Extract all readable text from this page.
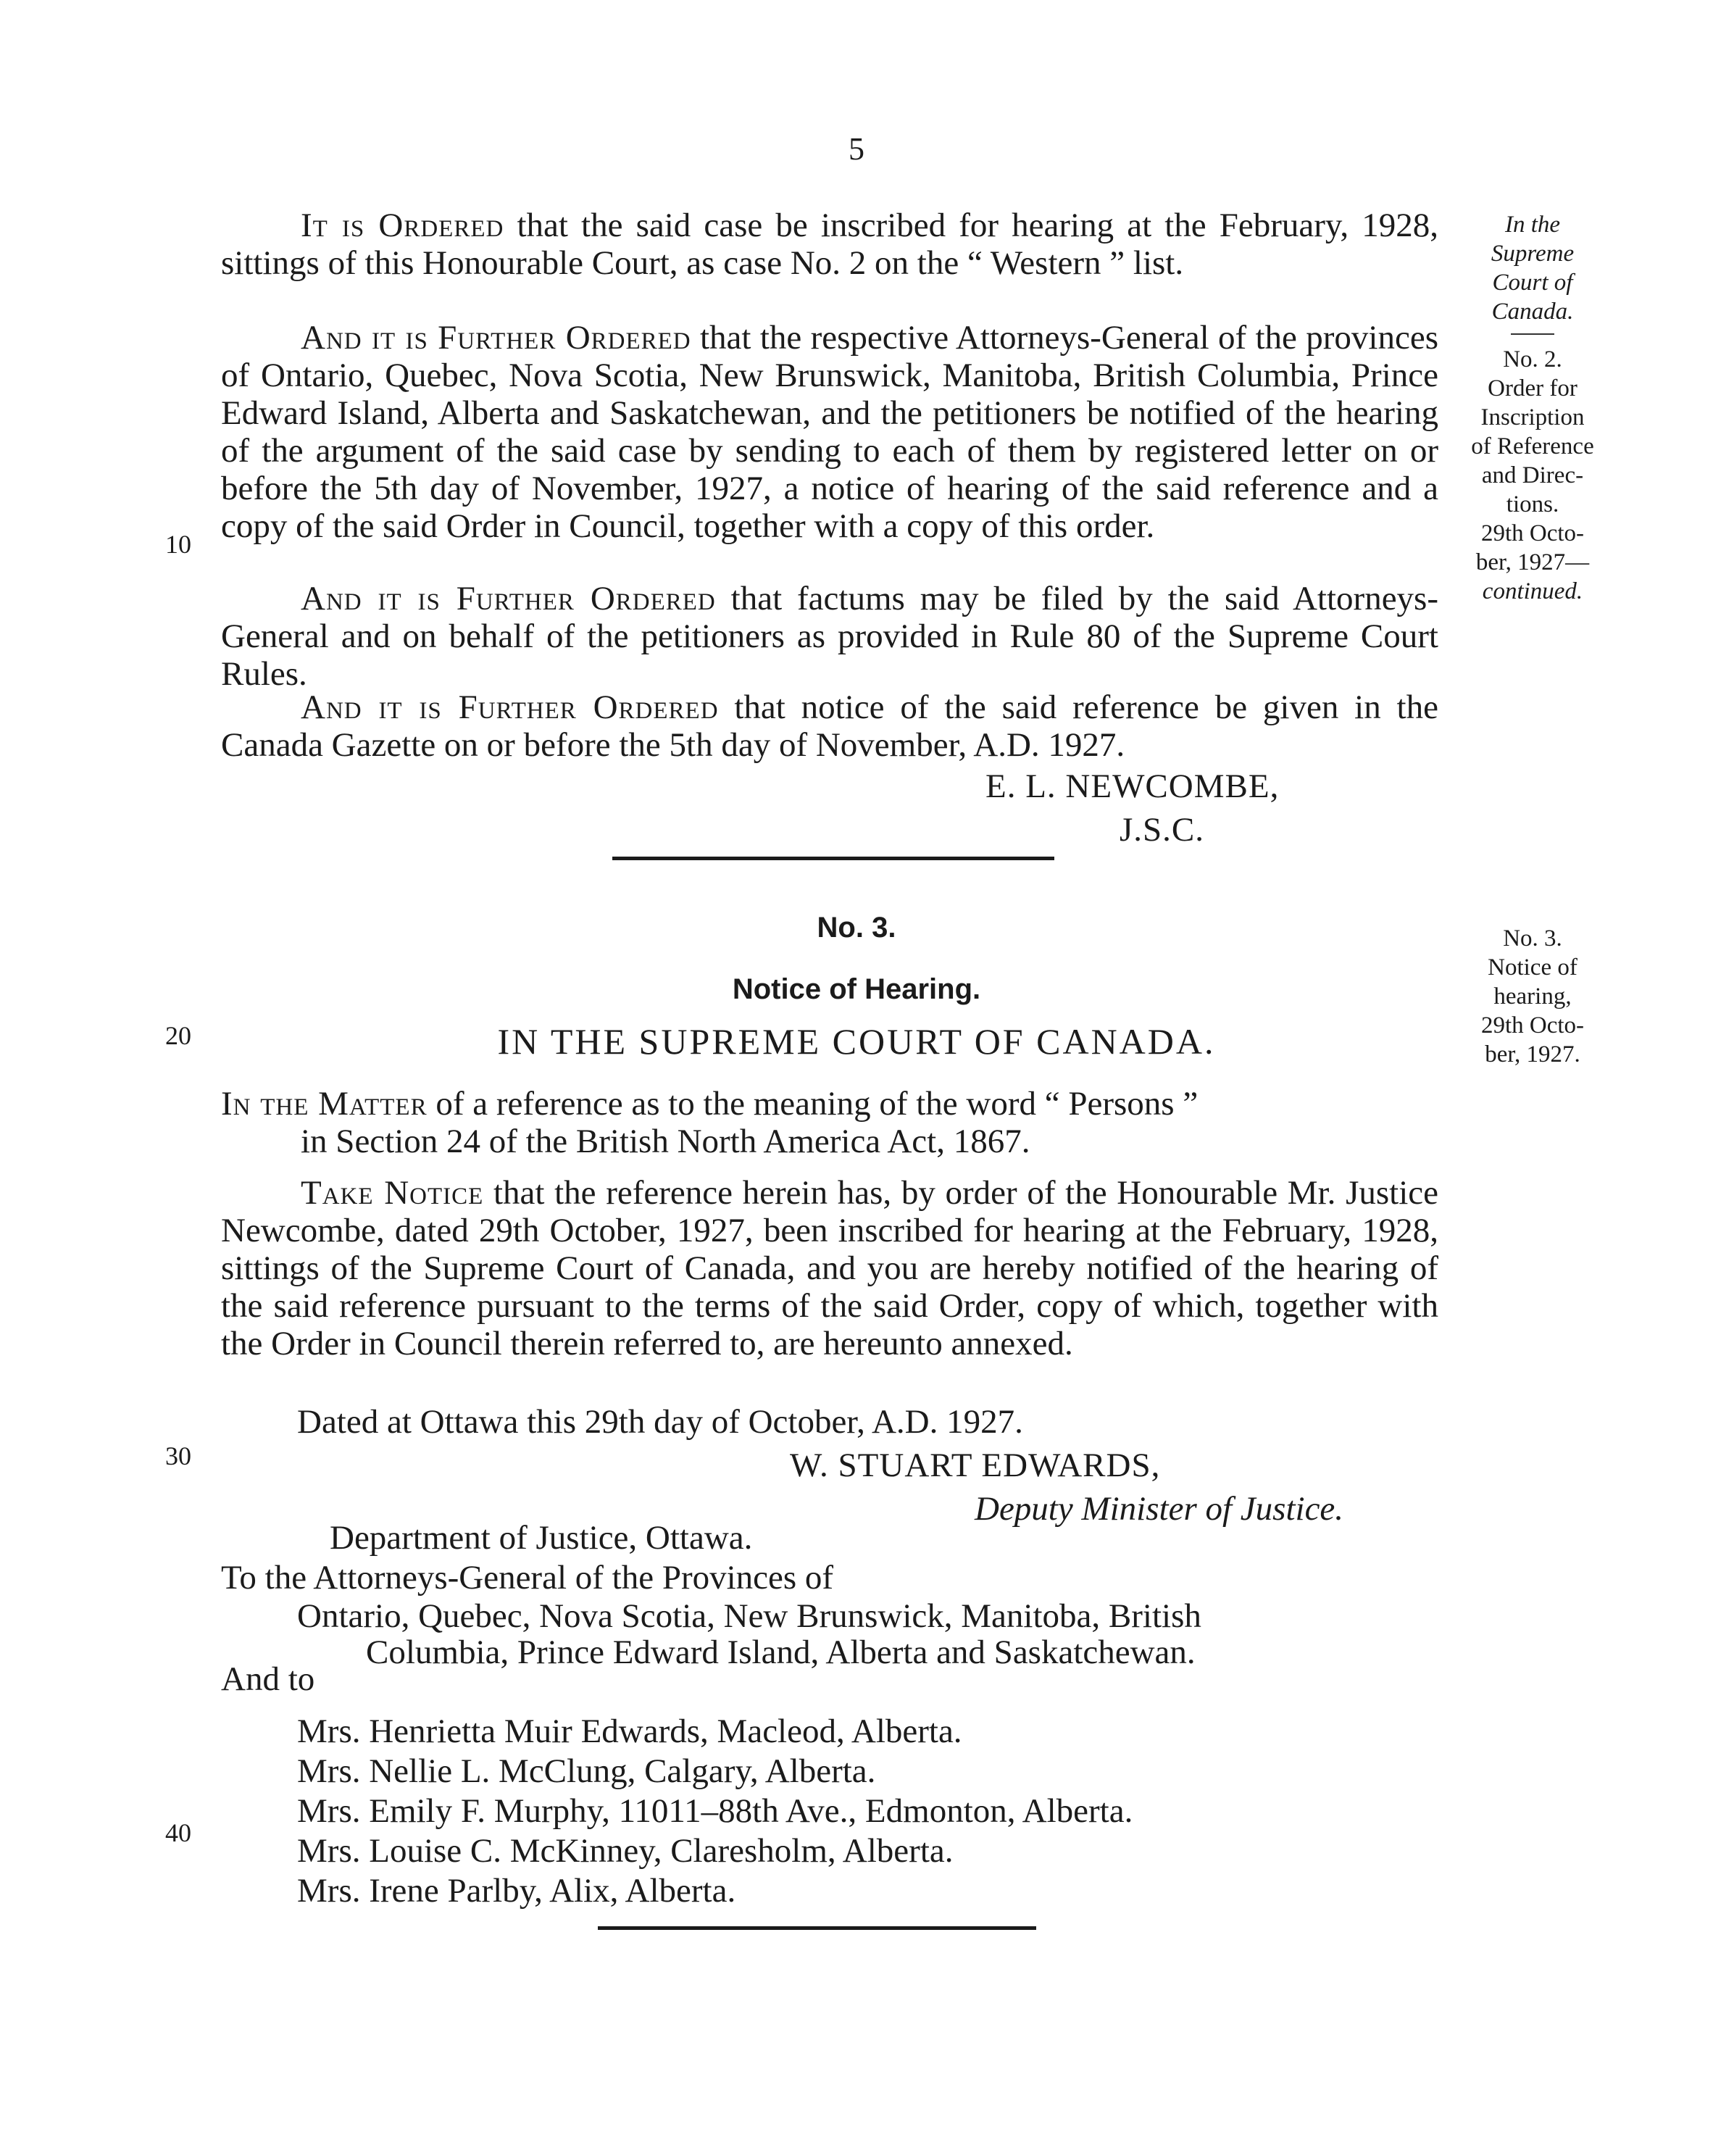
5

It is Ordered that the said case be inscribed for hearing at the February, 1928, sittings of this Honourable Court, as case No. 2 on the “ Western ” list.

And it is Further Ordered that the respective Attorneys-General of the provinces of Ontario, Quebec, Nova Scotia, New Brunswick, Manitoba, British Columbia, Prince Edward Island, Alberta and Saskatchewan, and the petitioners be notified of the hearing of the argument of the said case by sending to each of them by registered letter on or before the 5th day of November, 1927, a notice of hearing of the said reference and a copy of the said Order in Council, together with a copy of this order.

And it is Further Ordered that factums may be filed by the said Attorneys-General and on behalf of the petitioners as provided in Rule 80 of the Supreme Court Rules.

And it is Further Ordered that notice of the said reference be given in the Canada Gazette on or before the 5th day of November, A.D. 1927.

E. L. NEWCOMBE,
J.S.C.
In the
Supreme
Court of
Canada.
No. 2.
Order for
Inscription
of Reference
and Direc-
tions.
29th Octo-
ber, 1927—
continued.
10
20
30
40
No. 3.
Notice of Hearing.
IN THE SUPREME COURT OF CANADA.
In the Matter of a reference as to the meaning of the word “ Persons ”
in Section 24 of the British North America Act, 1867.

Take Notice that the reference herein has, by order of the Honourable Mr. Justice Newcombe, dated 29th October, 1927, been inscribed for hearing at the February, 1928, sittings of the Supreme Court of Canada, and you are hereby notified of the hearing of the said reference pursuant to the terms of the said Order, copy of which, together with the Order in Council therein referred to, are hereunto annexed.

Dated at Ottawa this 29th day of October, A.D. 1927.
W. STUART EDWARDS,
Deputy Minister of Justice.
Department of Justice, Ottawa.
To the Attorneys-General of the Provinces of
Ontario, Quebec, Nova Scotia, New Brunswick, Manitoba, British
Columbia, Prince Edward Island, Alberta and Saskatchewan.
And to
Mrs. Henrietta Muir Edwards, Macleod, Alberta.
Mrs. Nellie L. McClung, Calgary, Alberta.
Mrs. Emily F. Murphy, 11011–88th Ave., Edmonton, Alberta.
Mrs. Louise C. McKinney, Claresholm, Alberta.
Mrs. Irene Parlby, Alix, Alberta.
No. 3.
Notice of
hearing,
29th Octo-
ber, 1927.
